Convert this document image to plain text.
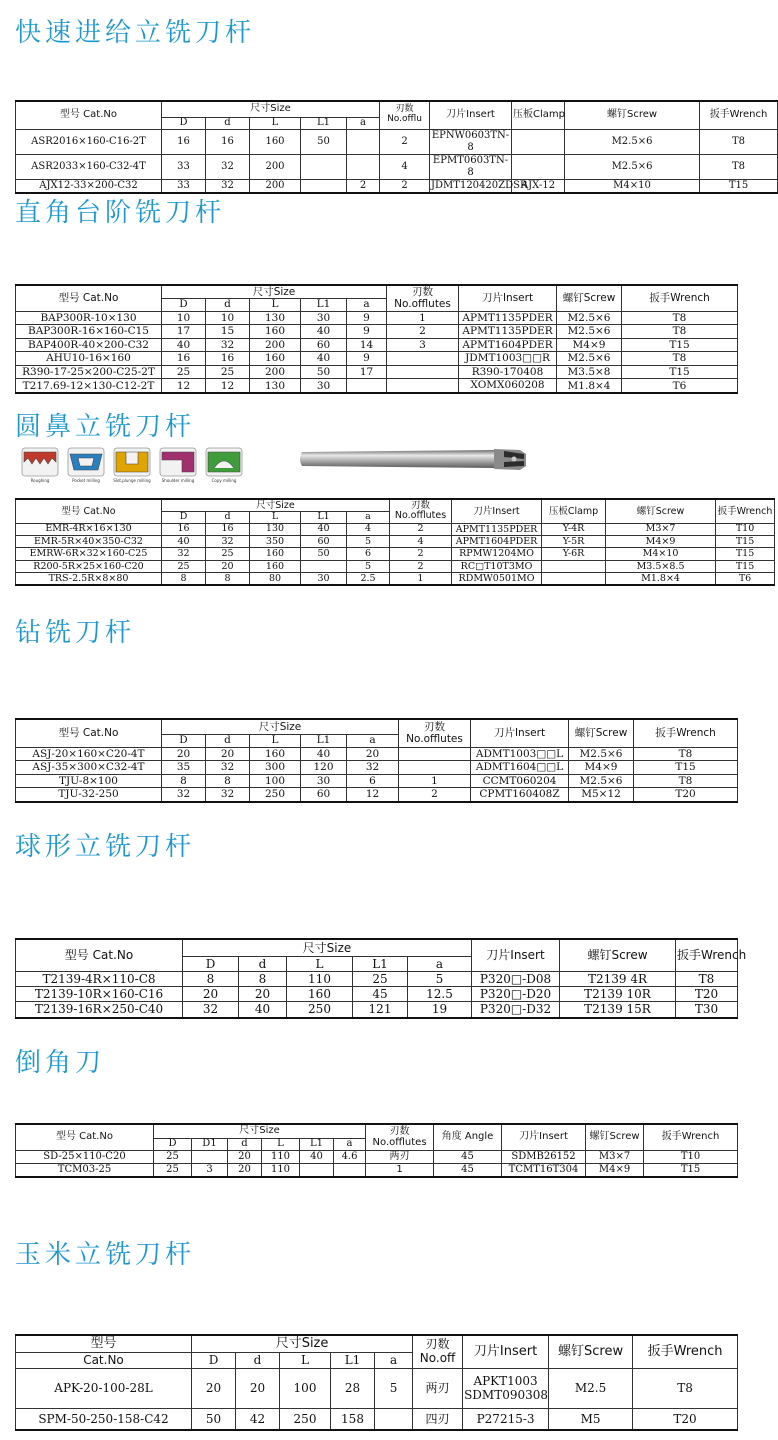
快速进给立铣刀杆
型号 Cat.No	尺寸Size					刃数
No.offlu	刀片Insert	压板Clamp	螺钉Screw	扳手Wrench
	D	d	L	L1	a					
ASR2016×160-C16-2T	16	16	160	50		2	EPNW0603TN-8		M2.5×6	T8
ASR2033×160-C32-4T	33	32	200			4	EPMT0603TN-8		M2.5×6	T8
AJX12-33×200-C32	33	32	200		2	2	JDMT120420ZDSR	AJX-12	M4×10	T15
直角台阶铣刀杆
型号 Cat.No	尺寸Size					刃数
No.offlutes	刀片Insert	螺钉Screw	扳手Wrench
	D	d	L	L1	a				
BAP300R-10×130	10	10	130	30	9	1	APMT1135PDER	M2.5×6	T8
BAP300R-16×160-C15	17	15	160	40	9	2	APMT1135PDER	M2.5×6	T8
BAP400R-40×200-C32	40	32	200	60	14	3	APMT1604PDER	M4×9	T15
AHU10-16×160	16	16	160	40	9		JDMT1003□□R	M2.5×6	T8
R390-17-25×200-C25-2T	25	25	200	50	17		R390-170408	M3.5×8	T15
T217.69-12×130-C12-2T	12	12	130	30			XOMX060208	M1.8×4	T6
圆鼻立铣刀杆
Roughing	Pocket milling	Slot,plunge milling	Shoulder milling	Copy milling
型号 Cat.No	尺寸Size					刃数
No.offlutes	刀片Insert	压板Clamp	螺钉Screw	扳手Wrench
	D	d	L	L1	a					
EMR-4R×16×130	16	16	130	40	4	2	APMT1135PDER	Y-4R	M3×7	T10
EMR-5R×40×350-C32	40	32	350	60	5	4	APMT1604PDER	Y-5R	M4×9	T15
EMRW-6R×32×160-C25	32	25	160	50	6	2	RPMW1204MO	Y-6R	M4×10	T15
R200-5R×25×160-C20	25	20	160		5	2	RC□T10T3MO		M3.5×8.5	T15
TRS-2.5R×8×80	8	8	80	30	2.5	1	RDMW0501MO		M1.8×4	T6
钻铣刀杆
型号 Cat.No	尺寸Size					刃数
No.offlutes	刀片Insert	螺钉Screw	扳手Wrench
	D	d	L	L1	a				
ASJ-20×160×C20-4T	20	20	160	40	20		ADMT1003□□L	M2.5×6	T8
ASJ-35×300×C32-4T	35	32	300	120	32		ADMT1604□□L	M4×9	T15
TJU-8×100	8	8	100	30	6	1	CCMT060204	M2.5×6	T8
TJU-32-250	32	32	250	60	12	2	CPMT160408Z	M5×12	T20
球形立铣刀杆
型号 Cat.No	尺寸Size					刀片Insert	螺钉Screw	扳手Wrench
	D	d	L	L1	a			
T2139-4R×110-C8	8	8	110	25	5	P320□-D08	T2139 4R	T8
T2139-10R×160-C16	20	20	160	45	12.5	P320□-D20	T2139 10R	T20
T2139-16R×250-C40	32	40	250	121	19	P320□-D32	T2139 15R	T30
倒角刀
型号 Cat.No	尺寸Size						刃数
No.offlutes	角度 Angle	刀片Insert	螺钉Screw	扳手Wrench
	D	D1	d	L	L1	a					
SD-25×110-C20	25		20	110	40	4.6	两刃	45	SDMB26152	M3×7	T10
TCM03-25	25	3	20	110			1	45	TCMT16T304	M4×9	T15
玉米立铣刀杆
型号	尺寸Size					刃数
No.off	刀片Insert	螺钉Screw	扳手Wrench
Cat.No	D	d	L	L1	a				
APK-20-100-28L	20	20	100	28	5	两刃	APKT1003
SDMT090308	M2.5	T8
SPM-50-250-158-C42	50	42	250	158		四刃	P27215-3	M5	T20
